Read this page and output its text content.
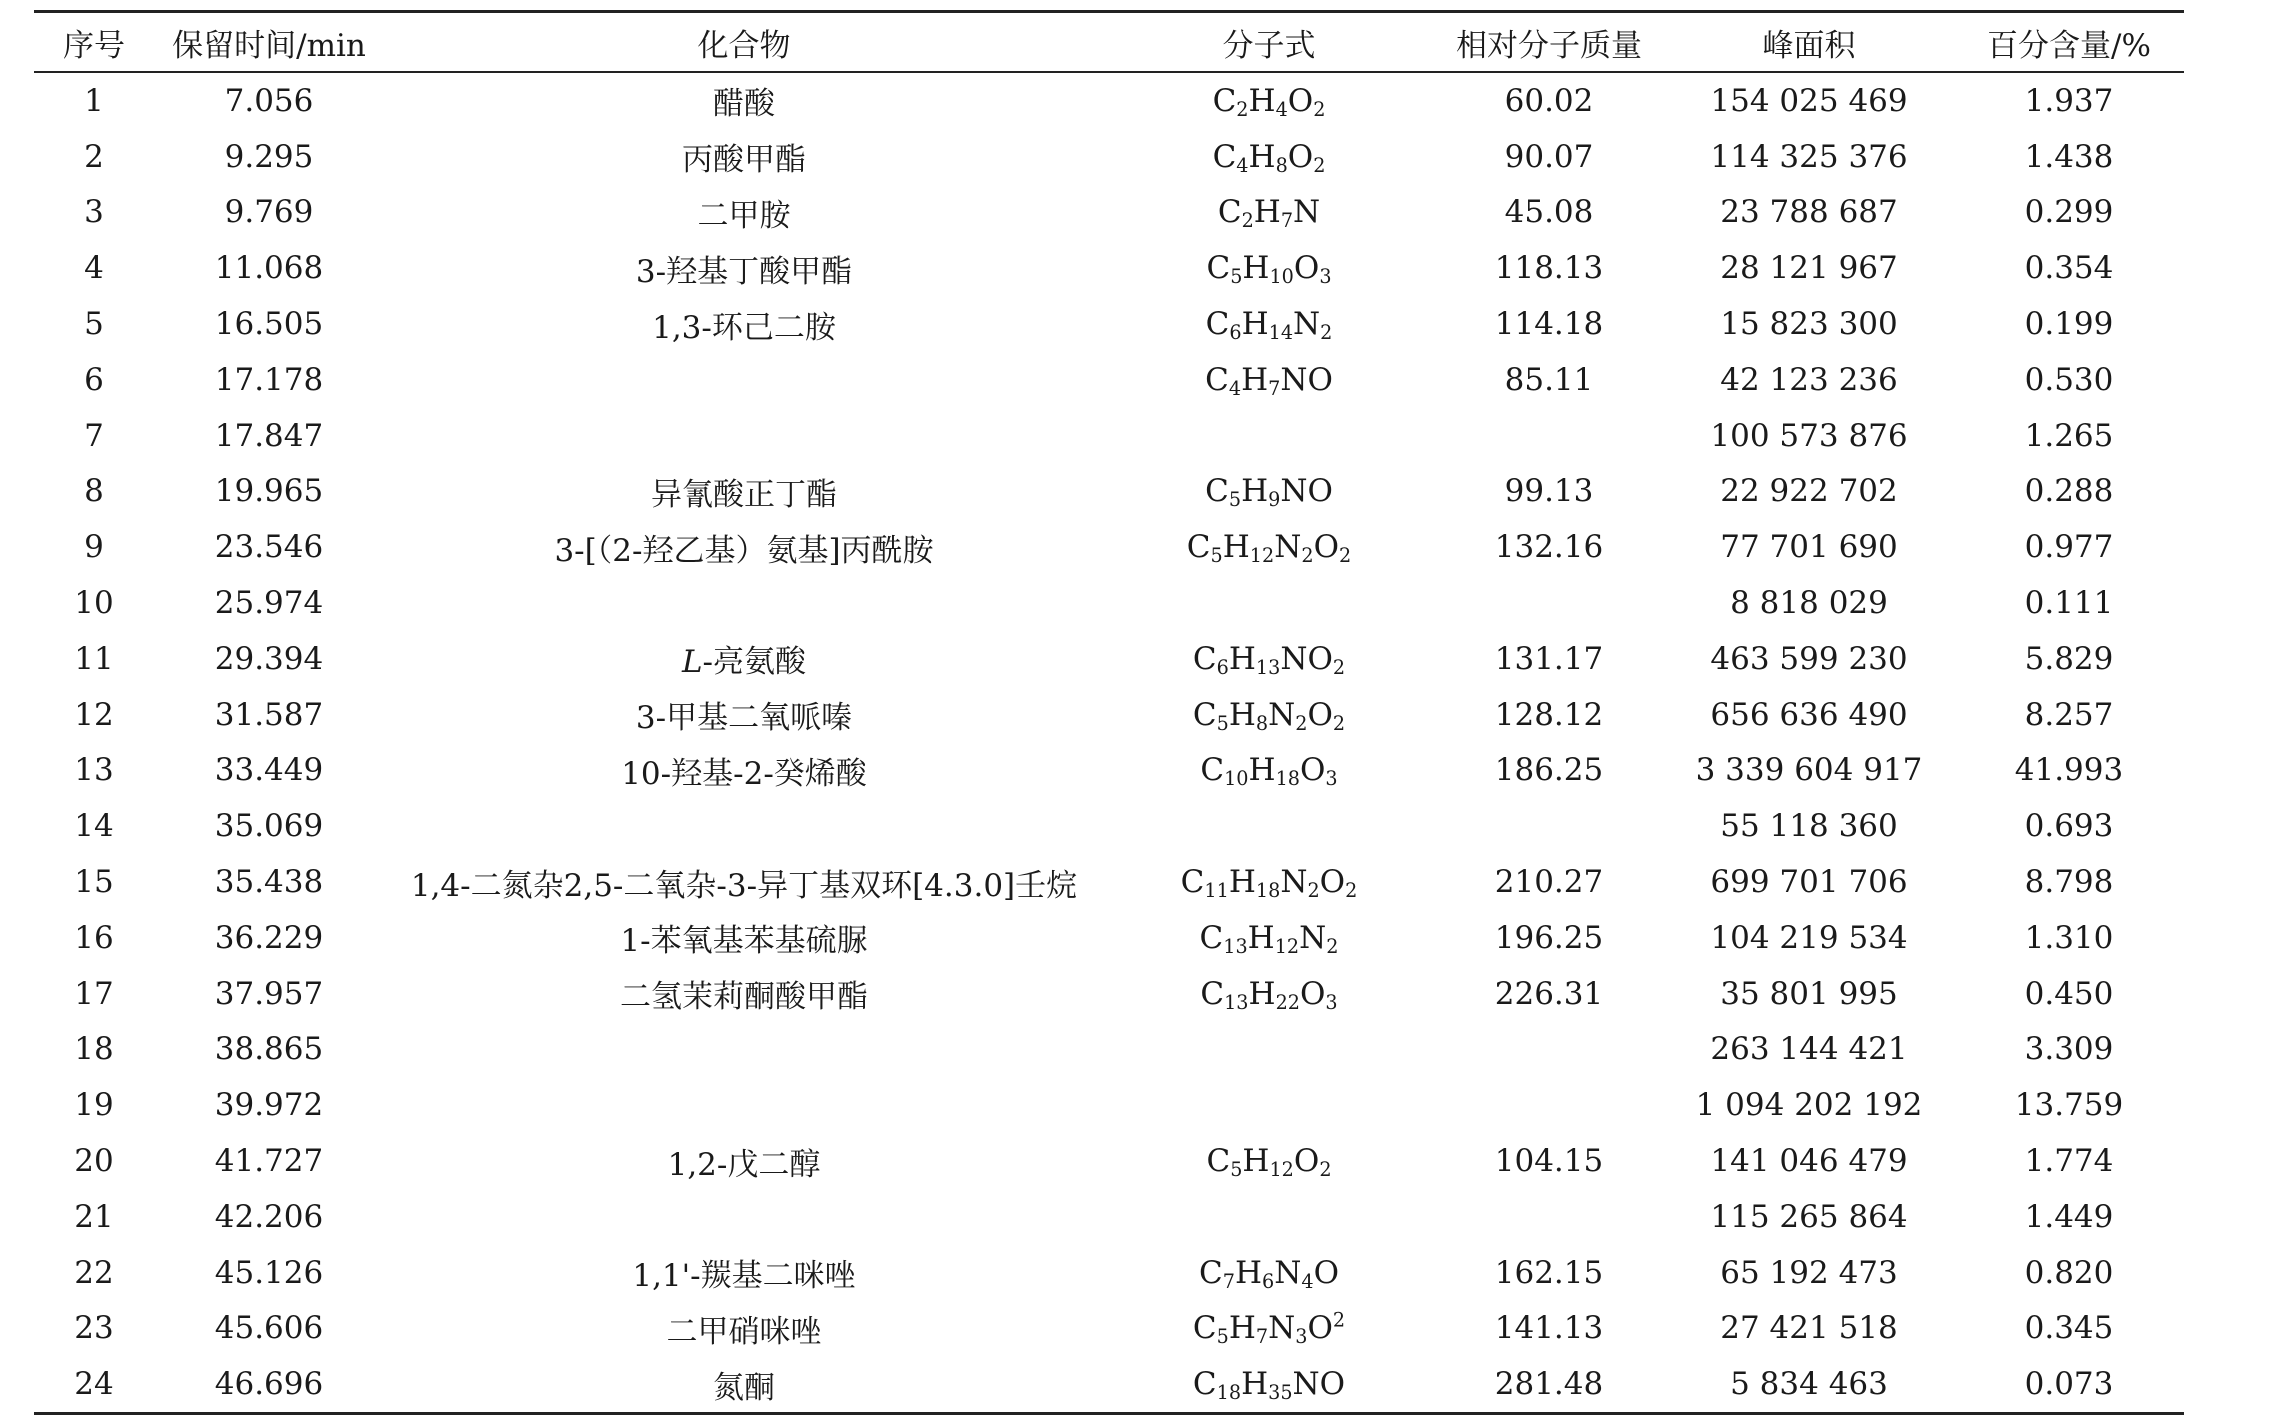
序号	保留时间/min	化合物	分子式	相对分子质量	峰面积	百分含量/%
1	7.056	醋酸	$C_2H_4O_2$	60.02	154 025 469	1.937
2	9.295	丙酸甲酯	$C_4H_8O_2$	90.07	114 325 376	1.438
3	9.769	二甲胺	$C_2H_7N$	45.08	23 788 687	0.299
4	11.068	3-羟基丁酸甲酯	$C_5H_{10}O_3$	118.13	28 121 967	0.354
5	16.505	1,3-环己二胺	$C_6H_{14}N_2$	114.18	15 823 300	0.199
6	17.178		$C_4H_7NO$	85.11	42 123 236	0.530
7	17.847				100 573 876	1.265
8	19.965	异氰酸正丁酯	$C_5H_9NO$	99.13	22 922 702	0.288
9	23.546	3-[（2-羟乙基）氨基]丙酰胺	$C_5H_{12}N_2O_2$	132.16	77 701 690	0.977
10	25.974				8 818 029	0.111
11	29.394	L-亮氨酸	$C_6H_{13}NO_2$	131.17	463 599 230	5.829
12	31.587	3-甲基二氧哌嗪	$C_5H_8N_2O_2$	128.12	656 636 490	8.257
13	33.449	10-羟基-2-癸烯酸	$C_{10}H_{18}O_3$	186.25	3 339 604 917	41.993
14	35.069				55 118 360	0.693
15	35.438	1,4-二氮杂2,5-二氧杂-3-异丁基双环[4.3.0]壬烷	$C_{11}H_{18}N_2O_2$	210.27	699 701 706	8.798
16	36.229	1-苯氧基苯基硫脲	$C_{13}H_{12}N_2$	196.25	104 219 534	1.310
17	37.957	二氢茉莉酮酸甲酯	$C_{13}H_{22}O_3$	226.31	35 801 995	0.450
18	38.865				263 144 421	3.309
19	39.972				1 094 202 192	13.759
20	41.727	1,2-戊二醇	$C_5H_{12}O_2$	104.15	141 046 479	1.774
21	42.206				115 265 864	1.449
22	45.126	1,1'-羰基二咪唑	$C_7H_6N_4O$	162.15	65 192 473	0.820
23	45.606	二甲硝咪唑	$C_5H_7N_3O^2$	141.13	27 421 518	0.345
24	46.696	氮酮	$C_{18}H_{35}NO$	281.48	5 834 463	0.073
